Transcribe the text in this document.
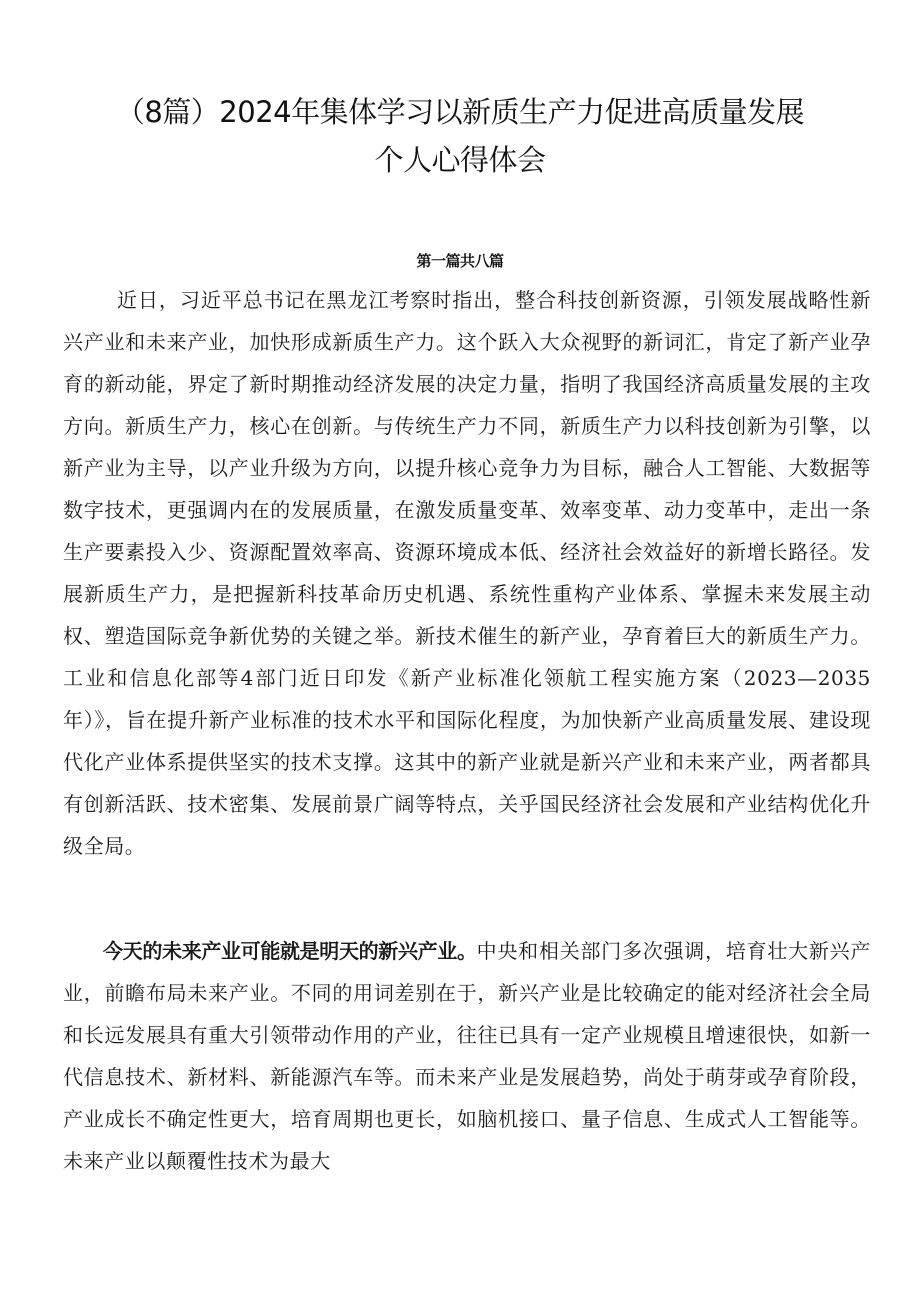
（8篇）2024年集体学习以新质生产力促进高质量发展
个人心得体会
第一篇共八篇

近日，习近平总书记在黑龙江考察时指出，整合科技创新资源，引领发展战略性新兴产业和未来产业，加快形成新质生产力。这个跃入大众视野的新词汇，肯定了新产业孕育的新动能，界定了新时期推动经济发展的决定力量，指明了我国经济高质量发展的主攻方向。新质生产力，核心在创新。与传统生产力不同，新质生产力以科技创新为引擎，以新产业为主导，以产业升级为方向，以提升核心竞争力为目标，融合人工智能、大数据等数字技术，更强调内在的发展质量，在激发质量变革、效率变革、动力变革中，走出一条生产要素投入少、资源配置效率高、资源环境成本低、经济社会效益好的新增长路径。发展新质生产力，是把握新科技革命历史机遇、系统性重构产业体系、掌握未来发展主动权、塑造国际竞争新优势的关键之举。新技术催生的新产业，孕育着巨大的新质生产力。工业和信息化部等4部门近日印发《新产业标准化领航工程实施方案（2023—2035年）》，旨在提升新产业标准的技术水平和国际化程度，为加快新产业高质量发展、建设现代化产业体系提供坚实的技术支撑。这其中的新产业就是新兴产业和未来产业，两者都具有创新活跃、技术密集、发展前景广阔等特点，关乎国民经济社会发展和产业结构优化升级全局。

今天的未来产业可能就是明天的新兴产业。中央和相关部门多次强调，培育壮大新兴产业，前瞻布局未来产业。不同的用词差别在于，新兴产业是比较确定的能对经济社会全局和长远发展具有重大引领带动作用的产业，往往已具有一定产业规模且增速很快，如新一代信息技术、新材料、新能源汽车等。而未来产业是发展趋势，尚处于萌芽或孕育阶段，产业成长不确定性更大，培育周期也更长，如脑机接口、量子信息、生成式人工智能等。未来产业以颠覆性技术为最大
